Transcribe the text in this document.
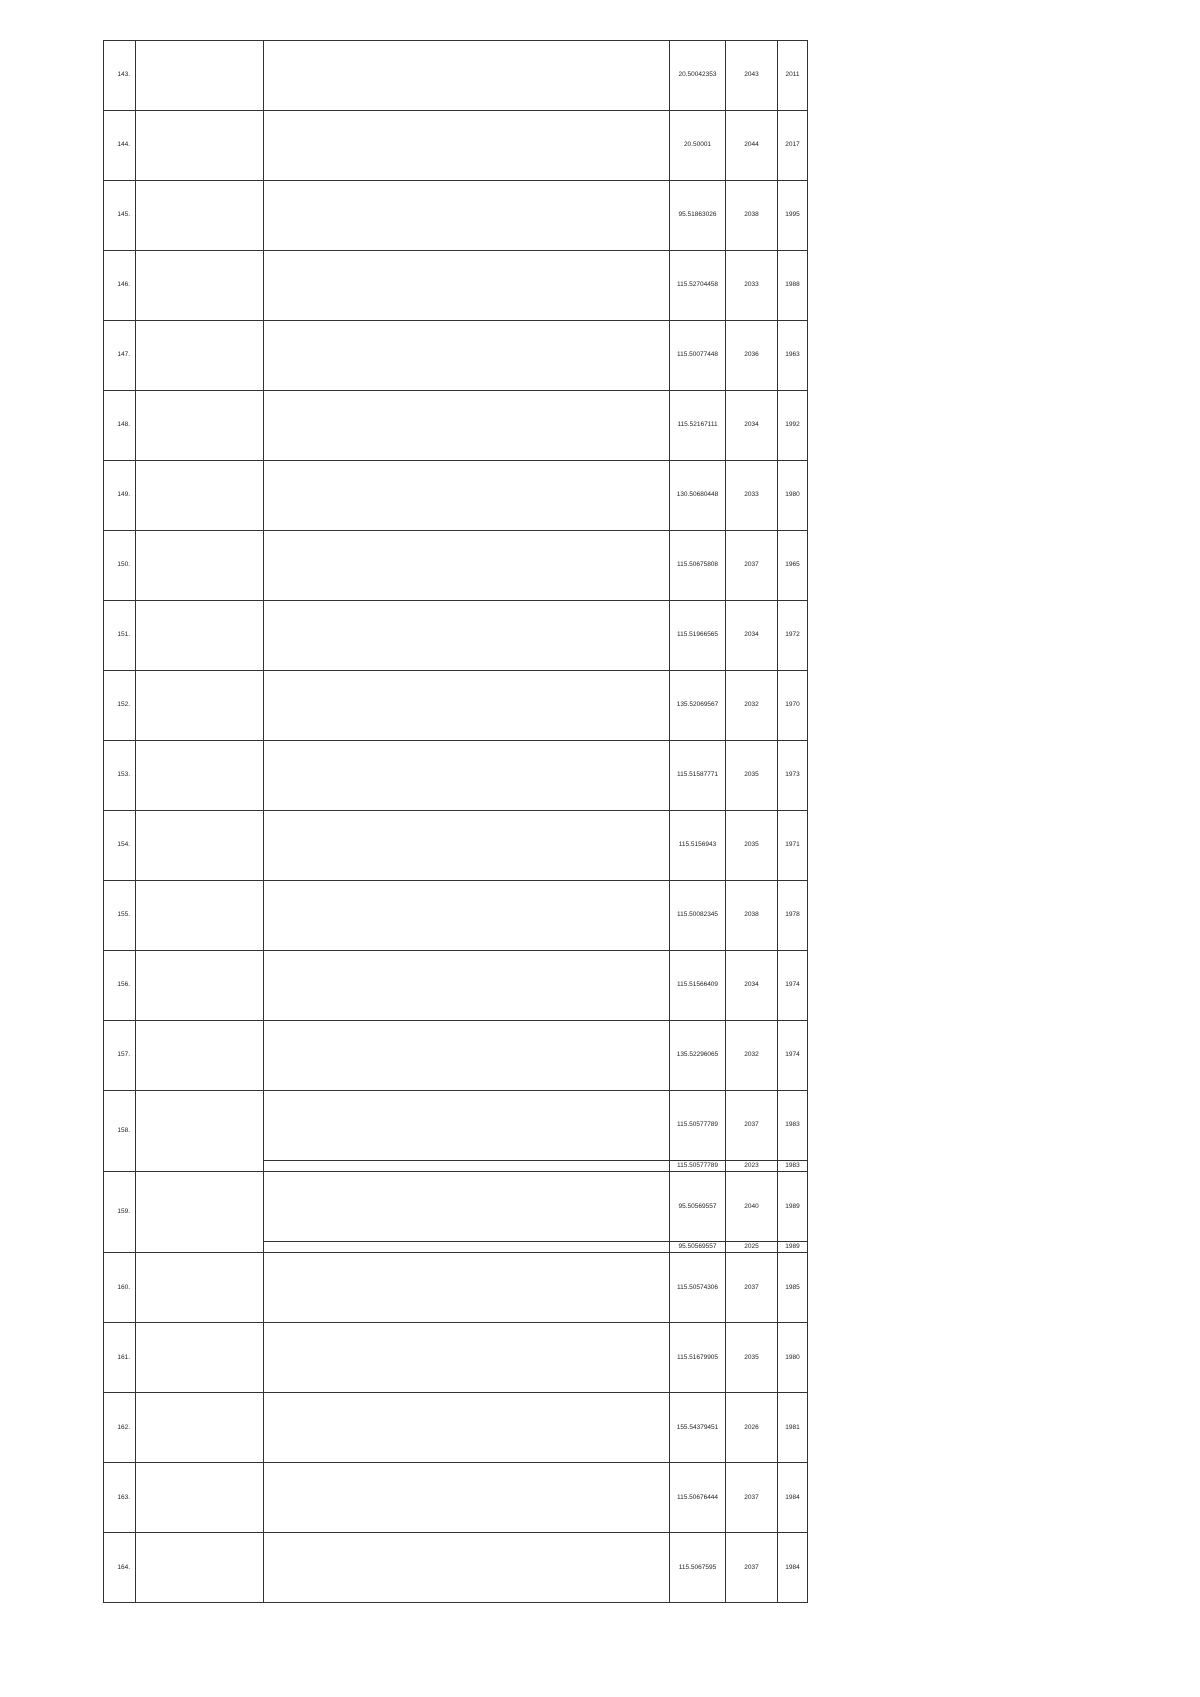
143.			20.50042353	2043	2011
144.			20.50001	2044	2017
145.			95.51863026	2038	1995
146.			115.52704458	2033	1988
147.			115.50077448	2036	1963
148.			115.52167111	2034	1992
149.			130.50680448	2033	1980
150.			115.50675808	2037	1965
151.			115.51966565	2034	1972
152.			135.52069567	2032	1970
153.			115.51587771	2035	1973
154.			115.5156943	2035	1971
155.			115.50082345	2038	1978
156.			115.51566409	2034	1974
157.			135.52296065	2032	1974
158.			115.50577789	2037	1983
			115.50577789	2023	1983
159.			95.50569557	2040	1989
			95.50569557	2025	1989
160.			115.50574306	2037	1985
161.			115.51679905	2035	1980
162.			155.54379451	2026	1981
163.			115.50676444	2037	1984
164.			115.5067595	2037	1984
